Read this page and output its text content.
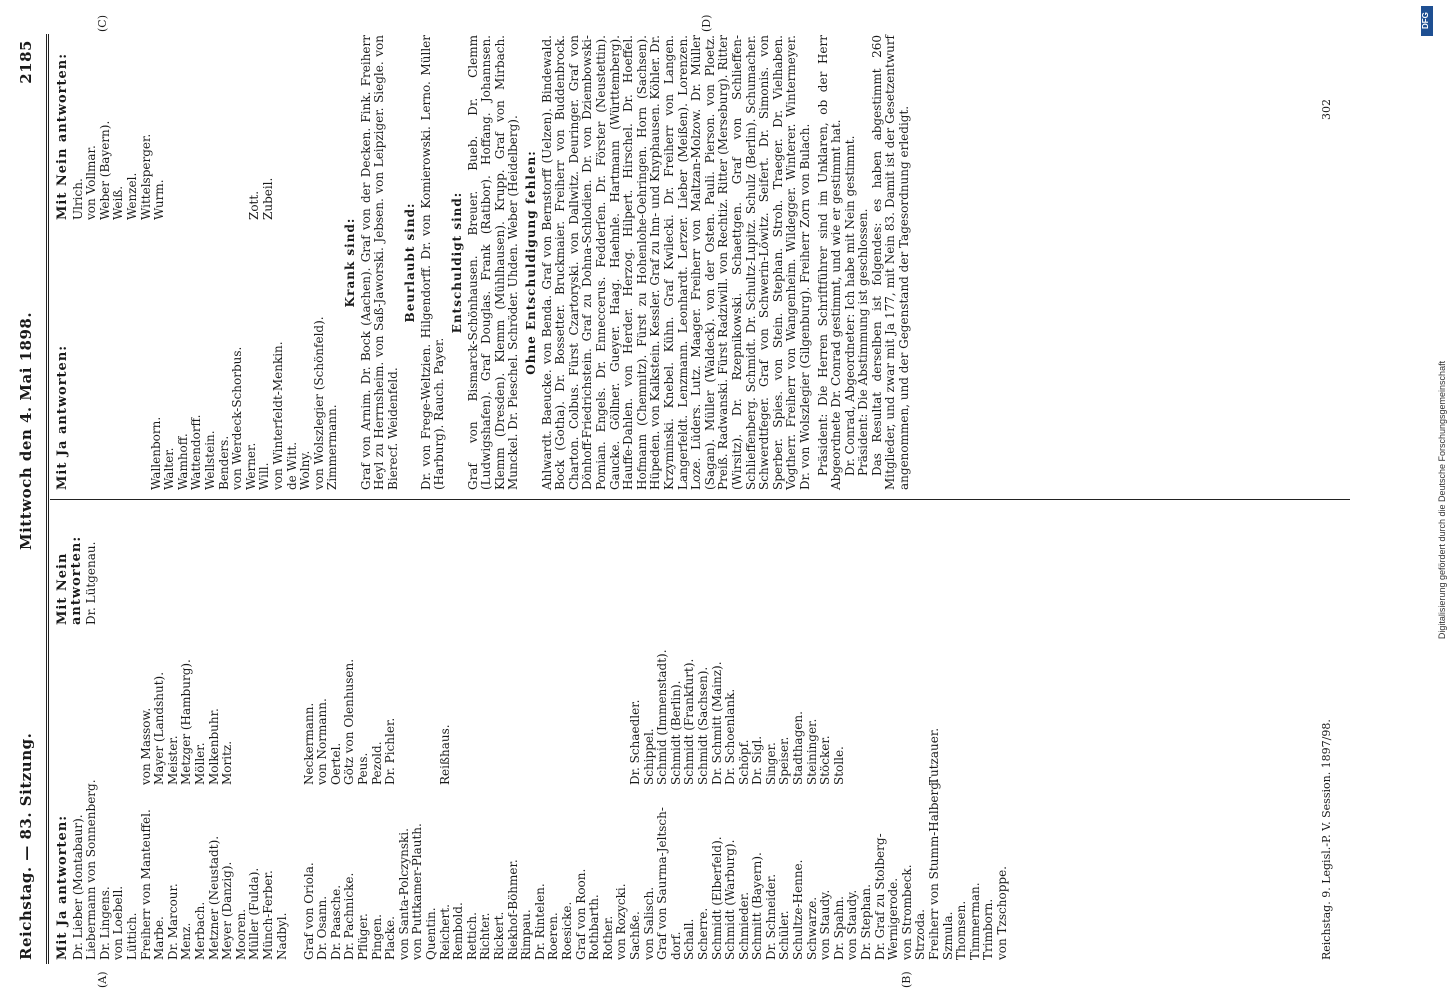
Reichstag. — 83. Sitzung.
Mittwoch den 4. Mai 1898.
2185
(A)	(B)
(C)	(D)
Mit Ja antworten: Dr. Lieber (Montabaur). Liebermann von Sonnenberg. Dr. Lingens. von Loebell. Lüttich. Freiherr von Manteuffel. Marbe. Dr. Marcour. Menz. Merbach. Metzner (Neustadt). Meyer (Danzig). Mooren. Müller (Fulda). Münch-Ferber. Nadbyl.
Graf von Oriola. Dr. Osann. Dr. Paasche. Dr. Pachnicke. Pflüger. Pingen. Placke. von Santa-Polczynski. von Puttkamer-Plauth. Quentin. Reichert. Rembold. Rettich. Richter. Rickert. Riekhof-Böhmer. Rimpau. Dr. Rintelen. Roeren. Roesicke. Graf von Roon. Rothbarth. Rother. von Rozycki. Sachße. von Salisch. Graf von Saurma-Jeltsch- dorf. Schall. Scherre. Schmidt (Elberfeld). Schmidt (Warburg). Schmieder. Schmitt (Bayern). Dr. Schneider. Schüler. Schultze-Henne. Schwarze. von Staudy. Dr. Spahn. von Staudy. Dr. Stephan. Dr. Graf zu Stolberg- Wernigerode. von Strombeck. Strzoda. Freiherr von Stumm-Halberg. Szmula. Thomsen. Timmerman. Trimborn. von Tzschoppe.

von Massow. Mayer (Landshut). Meister. Metzger (Hamburg). Möller. Molkenbuhr. Moritz.

	Neckermann. von Normann. Oertel. Götz von Olenhusen. Peus. Pezold. Dr. Pichler.

	Reißhaus.

	Dr. Schaedler. Schippel. Schmid (Immenstadt). Schmidt (Berlin). Schmidt (Frankfurt). Schmidt (Sachsen). Dr. Schmitt (Mainz). Dr. Schoenlank. Schöpf. Dr. Sigl. Singer. Speiser. Stadthagen. Steininger. Stöcker. Stolle.

	Tutzauer.
Mit Nein antworten: Dr. Lütgenau.
Mit Ja antworten:	Wallenborn. Walter. Wamhoff. Wattendorff. Wellstein. Benders. von Werdeck-Schorbus. Werner. Will. von Winterfeldt-Menkin. de Witt. Wolny. von Wolszlegier (Schönfeld). Zimmermann.
Mit Nein antworten: Ulrich. von Vollmar. Weber (Bayern). Weiß. Wenzel. Wittelsperger. Wurm.

	Zott. Zubeil.
Krank sind: Graf von Arnim. Dr. Bock (Aachen). Graf von der Decken. Fink. Freiherr Heyl zu Herrnsheim. von Saß-Jaworski. Jebsen. von Leipziger. Siegle. von Bierecf. Weidenfeld.

Beurlaubt sind: Dr. von Frege-Weltzien. Hilgendorff. Dr. von Komierowski. Lerno. Müller (Harburg). Rauch. Payer.

Entschuldigt sind: Graf von Bismarck-Schönhausen. Breuer. Bueb. Dr. Clemm (Ludwigshafen). Graf Douglas. Frank (Ratibor). Hoffang. Johannsen. Klemm (Dresden). Klemm (Mühlhausen). Krupp. Graf von Mirbach. Munckel. Dr. Pieschel. Schröder. Uhden. Weber (Heidelberg). Ohne Entschuldigung fehlen: Ahlwardt. Baeucke. von Benda. Graf von Bernstorff (Uelzen). Bindewald. Bock (Gotha). Dr. Bossetter. Bruckmaier. Freiherr von Buddenbrock. Charton. Colbus. Fürst Czartoryski. von Dallwitz. Deuringer. Graf von Dönhoff-Friedrichstein. Graf zu Dohna-Schlodien. Dr. von Dziembowski-Pomian. Engels. Dr. Enneccerus. Fedderſen. Dr. Förster (Neustettin). Gaucke. Göllner. Gueyer. Haag. Haehnle. Hartmann (Württemberg). Hauffe-Dahlen. von Herder. Herzog. Hilpert. Hirschel. Dr. Hoeffel. Hofmann (Chemnitz). Fürst zu Hohenlohe-Oehringen. Horn (Sachsen). Hüpeden. von Kalkstein. Kessler. Graf zu Inn- und Knyphausen. Köhler. Dr. Krzyminski. Knebel. Kühn. Graf Kwilecki. Dr. Freiherr von Langen. Langerfeldt. Lenzmann. Leonhardt. Lerzer. Lieber (Meißen). Lorenzen. Loze. Lüders. Lutz. Maager. Freiherr von Maltzan-Molzow. Dr. Müller (Sagan). Müller (Waldeck). von der Osten. Pauli. Pierson. von Ploetz. Preiß. Radwanski. Fürst Radziwill. von Rechtiz. Ritter (Merseburg). Ritter (Wirsitz). Dr. Rzepnikowski. Schaettgen. Graf von Schlieffen-Schlieffenberg. Schmidt. Dr. Schultz-Lupitz. Schulz (Berlin). Schumacher. Schwerdtfeger. Graf von Schwerin-Löwitz. Seifert. Dr. Simonis. von Sperber. Spies. von Stein. Stephan. Stroh. Traeger. Dr. Vielhaben. Vogtherr. Freiherr von Wangenheim. Wildegger. Winterer. Wintermeyer. Dr. von Wolszlegier (Gilgenburg). Freiherr Zorn von Bulach. Präsident: Die Herren Schriftführer sind im Unklaren, ob der Herr Abgeordnete Dr. Conrad gestimmt, und wie er gestimmt hat. Dr. Conrad, Abgeordneter: Ich habe mit Nein gestimmt. Präsident: Die Abstimmung ist geschlossen. Das Resultat derselben ist folgendes: es haben abgestimmt 260 Mitglieder, und zwar mit Ja 177, mit Nein 83. Damit ist der Gesetzentwurf angenommen, und der Gegenstand der Tagesordnung erledigt.

Reichstag. 9. Legisl.-P. V. Session. 1897/98.
302
Digitalisierung gefördert durch die Deutsche Forschungsgemeinschaft
DFG
